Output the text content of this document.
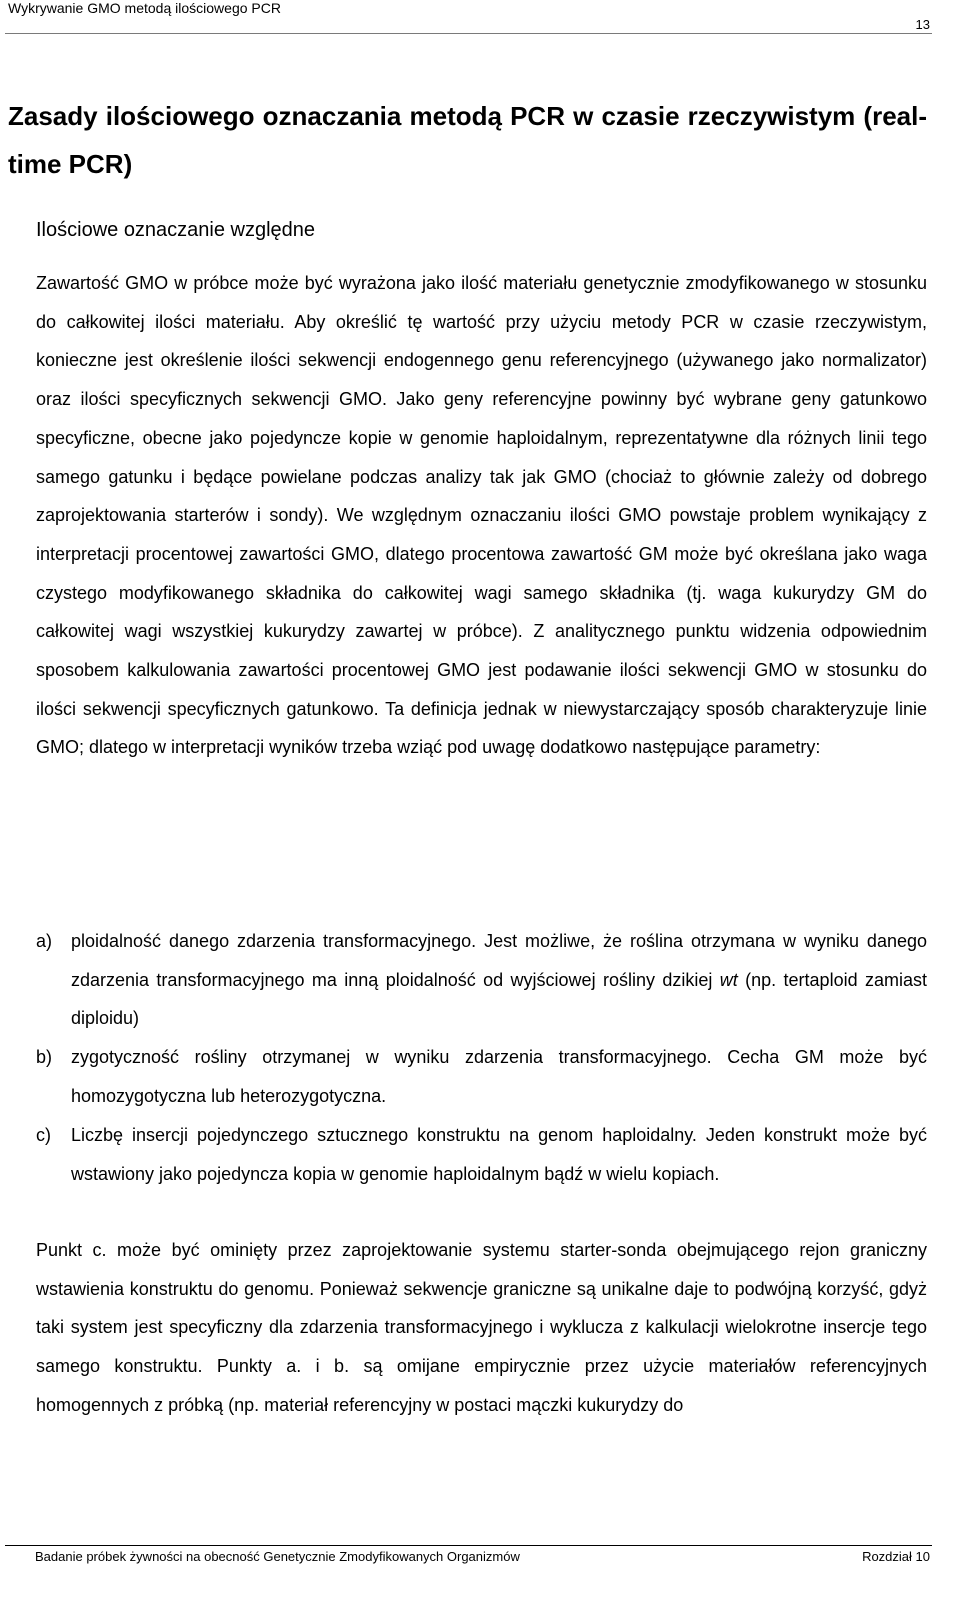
Wykrywanie GMO metodą ilościowego PCR
13
Zasady ilościowego oznaczania metodą PCR w czasie rzeczywistym (real-time PCR)
Ilościowe oznaczanie względne

Zawartość GMO w próbce może być wyrażona jako ilość materiału genetycznie zmodyfikowanego w stosunku do całkowitej ilości materiału. Aby określić tę wartość przy użyciu metody PCR w czasie rzeczywistym, konieczne jest określenie ilości sekwencji endogennego genu referencyjnego (używanego jako normalizator) oraz ilości specyficznych sekwencji GMO. Jako geny referencyjne powinny być wybrane geny gatunkowo specyficzne, obecne jako pojedyncze kopie w genomie haploidalnym, reprezentatywne dla różnych linii tego samego gatunku i będące powielane podczas analizy tak jak GMO (chociaż to głównie zależy od dobrego zaprojektowania starterów i sondy). We względnym oznaczaniu ilości GMO powstaje problem wynikający z interpretacji procentowej zawartości GMO, dlatego procentowa zawartość GM może być określana jako waga czystego modyfikowanego składnika do całkowitej wagi samego składnika (tj. waga kukurydzy GM do całkowitej wagi wszystkiej kukurydzy zawartej w próbce). Z analitycznego punktu widzenia odpowiednim sposobem kalkulowania zawartości procentowej GMO jest podawanie ilości sekwencji GMO w stosunku do ilości sekwencji specyficznych gatunkowo. Ta definicja jednak w niewystarczający sposób charakteryzuje linie GMO; dlatego w interpretacji wyników trzeba wziąć pod uwagę dodatkowo następujące parametry:

a) ploidalność danego zdarzenia transformacyjnego. Jest możliwe, że roślina otrzymana w wyniku danego zdarzenia transformacyjnego ma inną ploidalność od wyjściowej rośliny dzikiej wt (np. tertaploid zamiast diploidu)
b) zygotyczność rośliny otrzymanej w wyniku zdarzenia transformacyjnego. Cecha GM może być homozygotyczna lub heterozygotyczna.
c) Liczbę insercji pojedynczego sztucznego konstruktu na genom haploidalny. Jeden konstrukt może być wstawiony jako pojedyncza kopia w genomie haploidalnym bądź w wielu kopiach.

Punkt c. może być ominięty przez zaprojektowanie systemu starter-sonda obejmującego rejon graniczny wstawienia konstruktu do genomu. Ponieważ sekwencje graniczne są unikalne daje to podwójną korzyść, gdyż taki system jest specyficzny dla zdarzenia transformacyjnego i wyklucza z kalkulacji wielokrotne insercje tego samego konstruktu. Punkty a. i b. są omijane empirycznie przez użycie materiałów referencyjnych homogennych z próbką (np. materiał referencyjny w postaci mączki kukurydzy do

Badanie próbek żywności na obecność Genetycznie Zmodyfikowanych Organizmów	Rozdział 10
